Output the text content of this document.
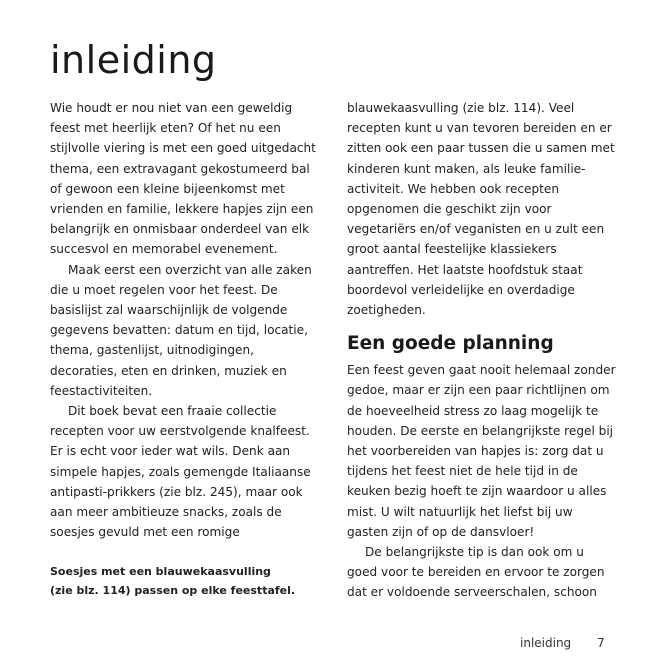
inleiding
Wie houdt er nou niet van een geweldig
feest met heerlijk eten? Of het nu een
stijlvolle viering is met een goed uitgedacht
thema, een extravagant gekostumeerd bal
of gewoon een kleine bijeenkomst met
vrienden en familie, lekkere hapjes zijn een
belangrijk en onmisbaar onderdeel van elk
succesvol en memorabel evenement.
Maak eerst een overzicht van alle zaken
die u moet regelen voor het feest. De
basislijst zal waarschijnlijk de volgende
gegevens bevatten: datum en tijd, locatie,
thema, gastenlijst, uitnodigingen,
decoraties, eten en drinken, muziek en
feestactiviteiten.
Dit boek bevat een fraaie collectie
recepten voor uw eerstvolgende knalfeest.
Er is echt voor ieder wat wils. Denk aan
simpele hapjes, zoals gemengde Italiaanse
antipasti-prikkers (zie blz. 245), maar ook
aan meer ambitieuze snacks, zoals de
soesjes gevuld met een romige
blauwekaasvulling (zie blz. 114). Veel
recepten kunt u van tevoren bereiden en er
zitten ook een paar tussen die u samen met
kinderen kunt maken, als leuke familie-
activiteit. We hebben ook recepten
opgenomen die geschikt zijn voor
vegetariërs en/of veganisten en u zult een
groot aantal feestelijke klassiekers
aantreffen. Het laatste hoofdstuk staat
boordevol verleidelijke en overdadige
zoetigheden.
Een goede planning
Een feest geven gaat nooit helemaal zonder
gedoe, maar er zijn een paar richtlijnen om
de hoeveelheid stress zo laag mogelijk te
houden. De eerste en belangrijkste regel bij
het voorbereiden van hapjes is: zorg dat u
tijdens het feest niet de hele tijd in de
keuken bezig hoeft te zijn waardoor u alles
mist. U wilt natuurlijk het liefst bij uw
gasten zijn of op de dansvloer!
De belangrijkste tip is dan ook om u
goed voor te bereiden en ervoor te zorgen
dat er voldoende serveerschalen, schoon
Soesjes met een blauwekaasvulling
(zie blz. 114) passen op elke feesttafel.
inleiding 7
